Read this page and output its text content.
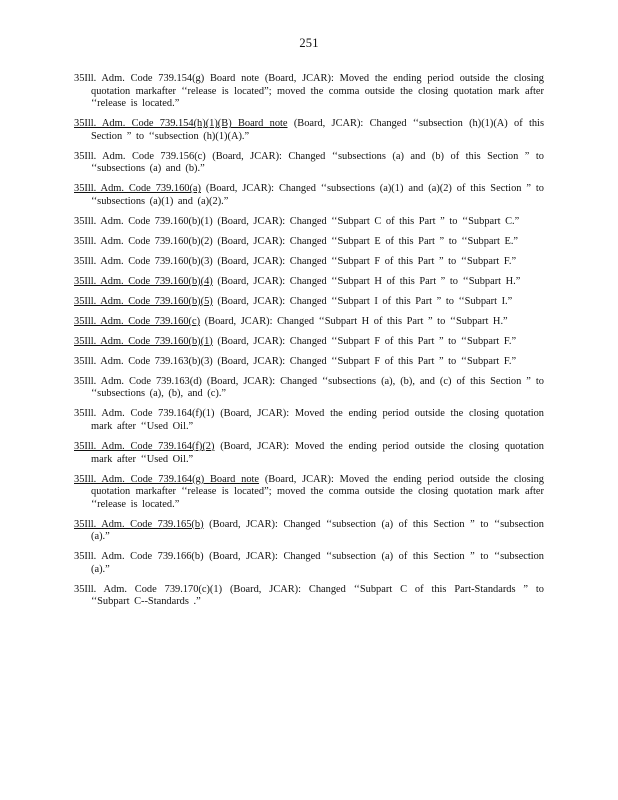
251

35Ill. Adm. Code 739.154(g) Board note (Board, JCAR): Moved the ending period outside the closing quotation markafter ‘‘release is located”; moved the comma outside the closing quotation mark after ‘‘release is located.”

35Ill. Adm. Code 739.154(h)(1)(B) Board note (Board, JCAR): Changed ‘‘subsection (h)(1)(A) of this Section ” to ‘‘subsection (h)(1)(A).”

35Ill. Adm. Code 739.156(c) (Board, JCAR): Changed ‘‘subsections (a) and (b) of this Section ” to ‘‘subsections (a) and (b).”

35Ill. Adm. Code 739.160(a) (Board, JCAR): Changed ‘‘subsections (a)(1) and (a)(2) of this Section ” to ‘‘subsections (a)(1) and (a)(2).”

35Ill. Adm. Code 739.160(b)(1) (Board, JCAR): Changed ‘‘Subpart C of this Part ” to ‘‘Subpart C.”

35Ill. Adm. Code 739.160(b)(2) (Board, JCAR): Changed ‘‘Subpart E of this Part ” to ‘‘Subpart E.”

35Ill. Adm. Code 739.160(b)(3) (Board, JCAR): Changed ‘‘Subpart F of this Part ” to ‘‘Subpart F.”

35Ill. Adm. Code 739.160(b)(4) (Board, JCAR): Changed ‘‘Subpart H of this Part ” to ‘‘Subpart H.”

35Ill. Adm. Code 739.160(b)(5) (Board, JCAR): Changed ‘‘Subpart I of this Part ” to ‘‘Subpart I.”

35Ill. Adm. Code 739.160(c) (Board, JCAR): Changed ‘‘Subpart H of this Part ” to ‘‘Subpart H.”

35Ill. Adm. Code 739.160(b)(1) (Board, JCAR): Changed ‘‘Subpart F of this Part ” to ‘‘Subpart F.”

35Ill. Adm. Code 739.163(b)(3) (Board, JCAR): Changed ‘‘Subpart F of this Part ” to ‘‘Subpart F.”

35Ill. Adm. Code 739.163(d) (Board, JCAR): Changed ‘‘subsections (a), (b), and (c) of this Section ” to ‘‘subsections (a), (b), and (c).”

35Ill. Adm. Code 739.164(f)(1) (Board, JCAR): Moved the ending period outside the closing quotation mark after ‘‘Used Oil.”

35Ill. Adm. Code 739.164(f)(2) (Board, JCAR): Moved the ending period outside the closing quotation mark after ‘‘Used Oil.”

35Ill. Adm. Code 739.164(g) Board note (Board, JCAR): Moved the ending period outside the closing quotation markafter ‘‘release is located”; moved the comma outside the closing quotation mark after ‘‘release is located.”

35Ill. Adm. Code 739.165(b) (Board, JCAR): Changed ‘‘subsection (a) of this Section ” to ‘‘subsection (a).”

35Ill. Adm. Code 739.166(b) (Board, JCAR): Changed ‘‘subsection (a) of this Section ” to ‘‘subsection (a).”

35Ill. Adm. Code 739.170(c)(1) (Board, JCAR): Changed ‘‘Subpart C of this Part-Standards ” to ‘‘Subpart C--Standards .”
